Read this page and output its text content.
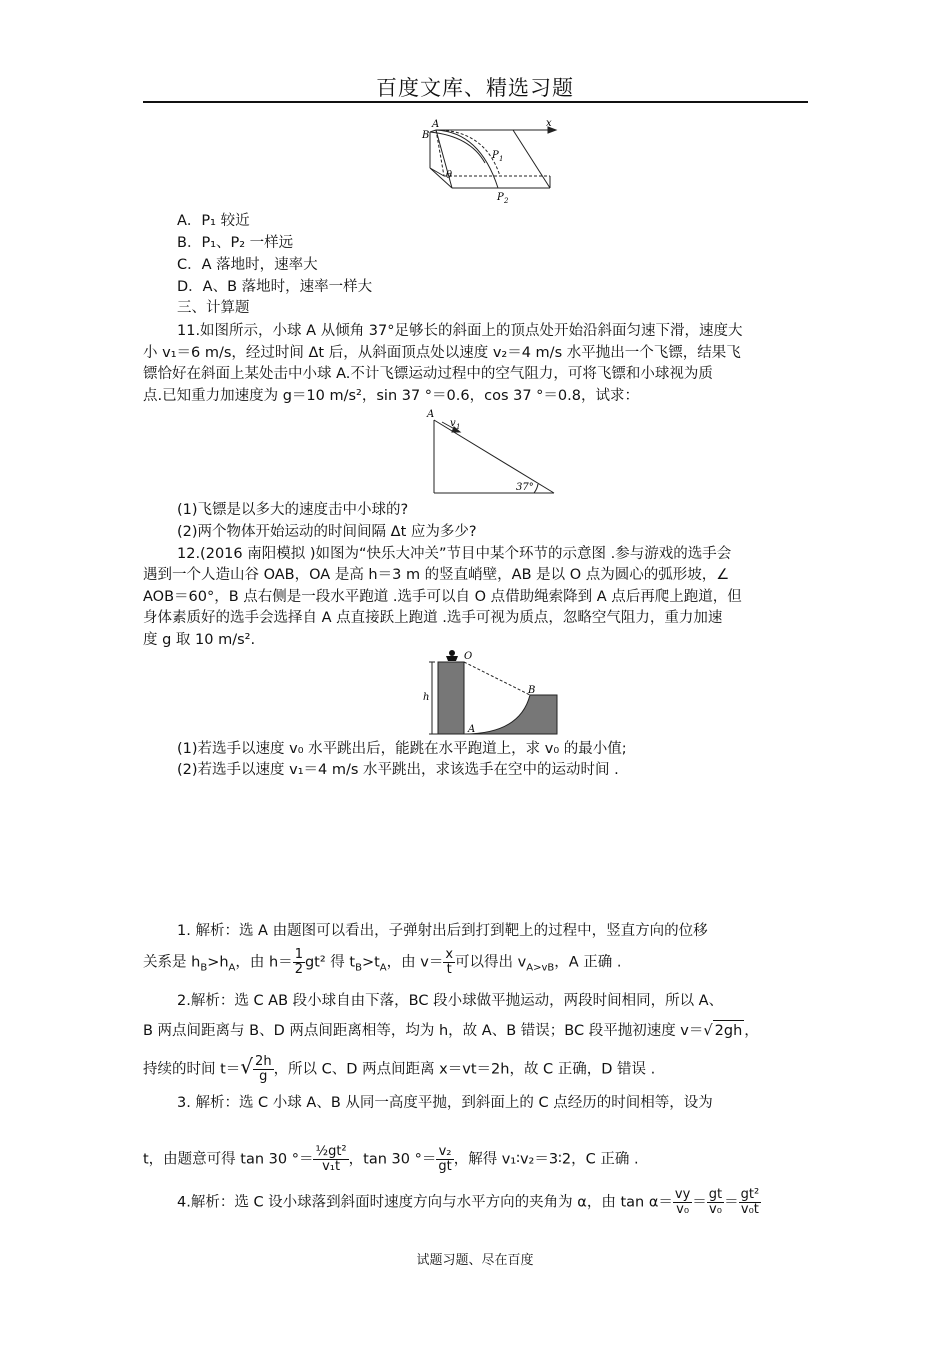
百度文库、精选习题
A
B
x
P 1
P 2
θ
A．P₁ 较近
B．P₁、P₂ 一样远
C．A 落地时，速率大
D．A、B 落地时，速率一样大
三、计算题
11.如图所示，小球 A 从倾角 37°足够长的斜面上的顶点处开始沿斜面匀速下滑，速度大
小 v₁＝6 m/s，经过时间 Δt 后，从斜面顶点处以速度 v₂＝4 m/s 水平抛出一个飞镖，结果飞
镖恰好在斜面上某处击中小球 A.不计飞镖运动过程中的空气阻力，可将飞镖和小球视为质
点.已知重力加速度为 g＝10 m/s²，sin 37 °＝0.6，cos 37 °＝0.8，试求：
A
v 1
37°
(1)飞镖是以多大的速度击中小球的?
(2)两个物体开始运动的时间间隔 Δt 应为多少?
12.(2016 南阳模拟 )如图为“快乐大冲关”节目中某个环节的示意图 .参与游戏的选手会
遇到一个人造山谷 OAB，OA 是高 h＝3 m 的竖直峭壁，AB 是以 O 点为圆心的弧形坡，∠
AOB＝60°，B 点右侧是一段水平跑道 .选手可以自 O 点借助绳索降到 A 点后再爬上跑道，但
身体素质好的选手会选择自 A 点直接跃上跑道 .选手可视为质点，忽略空气阻力，重力加速
度 g 取 10 m/s².
O
B
h
A
(1)若选手以速度 v₀ 水平跳出后，能跳在水平跑道上，求 v₀ 的最小值;
(2)若选手以速度 v₁＝4 m/s 水平跳出，求该选手在空中的运动时间 .
1. 解析：选 A 由题图可以看出，子弹射出后到打到靶上的过程中，竖直方向的位移
关系是 $h_B>h_A$，由 $h= \frac{1}{2} gt^2$ 得 $t_B>t_A$，由 $v= \frac{x}{t}$ 可以得出 $v_{A>vB}$，A 正确 .
2.解析：选 C AB 段小球自由下落，BC 段小球做平抛运动，两段时间相同，所以 A、
B 两点间距离与 B、D 两点间距离相等，均为 h，故 A、B 错误；BC 段平抛初速度 v＝√ 2gh ，
持续的时间 $t=√ \frac{2h}{g}$ ，所以 C、D 两点间距离 x＝vt＝2h，故 C 正确，D 错误 .
3. 解析：选 C 小球 A、B 从同一高度平抛，到斜面上的 C 点经历的时间相等，设为
t，由题意可得 tan 30 °＝ $\frac{\text{½gt²}}{\text{v₁t}}$ ，tan 30 °＝ $\frac{\text{v₂}}{gt}$ ，解得 v₁∶v₂＝3∶2，C 正确 .
4.解析：选 C 设小球落到斜面时速度方向与水平方向的夹角为 α，由 $\tan \alpha= \frac{vy}{\text{v₀}} = \frac{gt}{\text{v₀}} = \frac{\text{gt²}}{\text{v₀t}}$
试题习题、尽在百度
